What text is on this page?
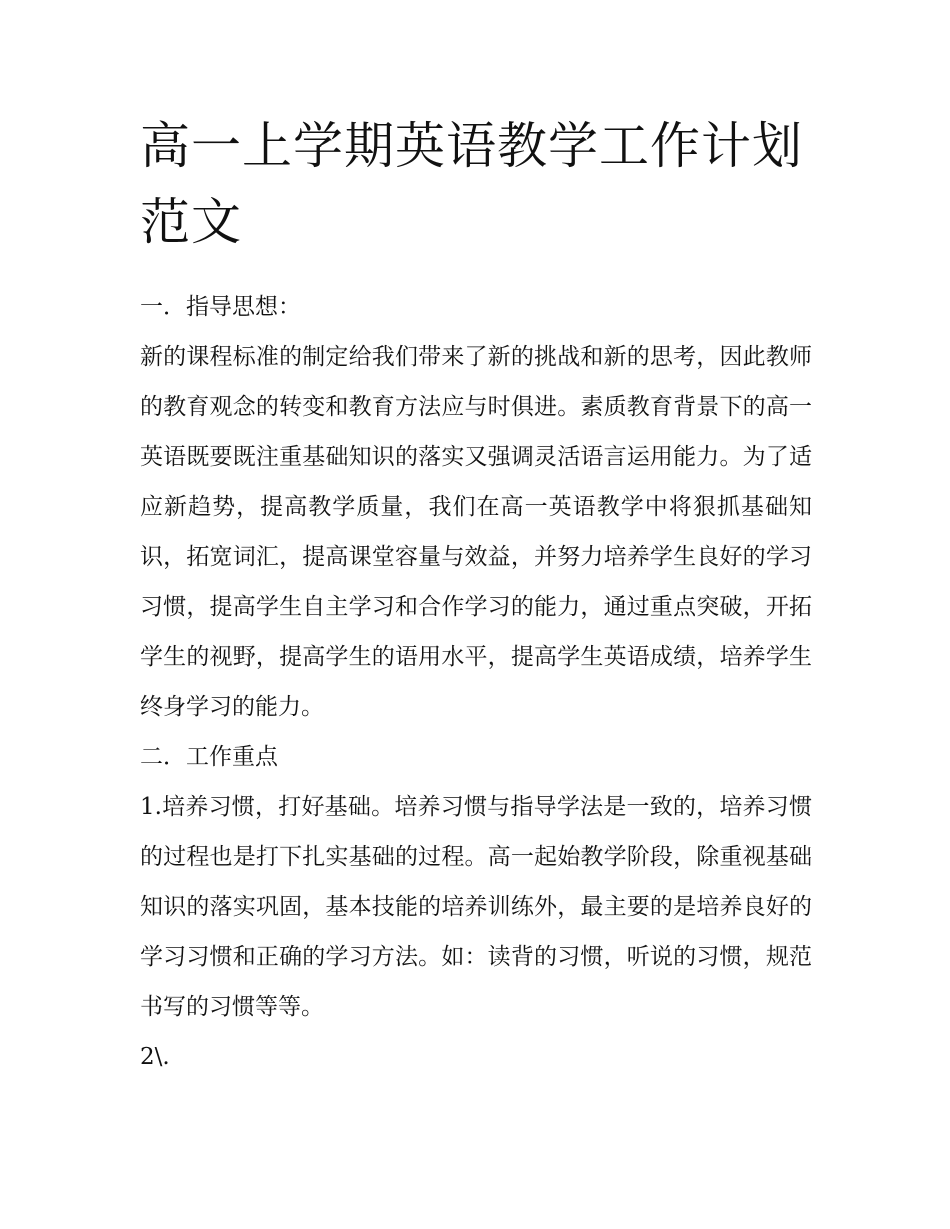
高一上学期英语教学工作计划
范文
一．指导思想：

新的课程标准的制定给我们带来了新的挑战和新的思考，因此教师的教育观念的转变和教育方法应与时俱进。素质教育背景下的高一英语既要既注重基础知识的落实又强调灵活语言运用能力。为了适应新趋势，提高教学质量，我们在高一英语教学中将狠抓基础知识，拓宽词汇，提高课堂容量与效益，并努力培养学生良好的学习习惯，提高学生自主学习和合作学习的能力，通过重点突破，开拓学生的视野，提高学生的语用水平，提高学生英语成绩，培养学生终身学习的能力。

二．工作重点

1.培养习惯，打好基础。培养习惯与指导学法是一致的，培养习惯的过程也是打下扎实基础的过程。高一起始教学阶段，除重视基础知识的落实巩固，基本技能的培养训练外，最主要的是培养良好的学习习惯和正确的学习方法。如：读背的习惯，听说的习惯，规范书写的习惯等等。

2\.
